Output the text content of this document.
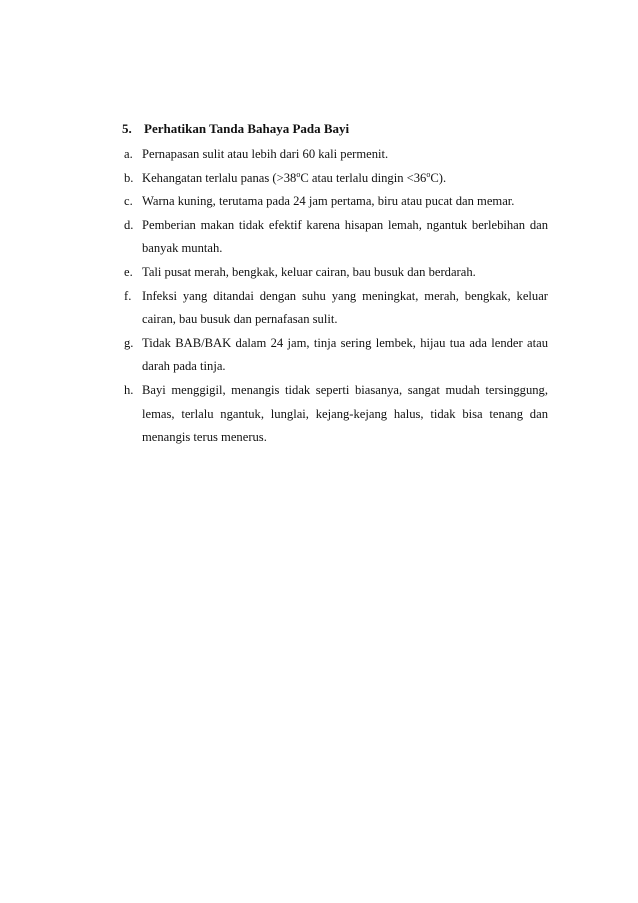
5. Perhatikan Tanda Bahaya Pada Bayi
a. Pernapasan sulit atau lebih dari 60 kali permenit.
b. Kehangatan terlalu panas ($>38^oC$ atau terlalu dingin $<36^oC$).
c. Warna kuning, terutama pada 24 jam pertama, biru atau pucat dan memar.
d. Pemberian makan tidak efektif karena hisapan lemah, ngantuk berlebihan dan banyak muntah.
e. Tali pusat merah, bengkak, keluar cairan, bau busuk dan berdarah.
f. Infeksi yang ditandai dengan suhu yang meningkat, merah, bengkak, keluar cairan, bau busuk dan pernafasan sulit.
g. Tidak BAB/BAK dalam 24 jam, tinja sering lembek, hijau tua ada lender atau darah pada tinja.
h. Bayi menggigil, menangis tidak seperti biasanya, sangat mudah tersinggung, lemas, terlalu ngantuk, lunglai, kejang-kejang halus, tidak bisa tenang dan menangis terus menerus.
